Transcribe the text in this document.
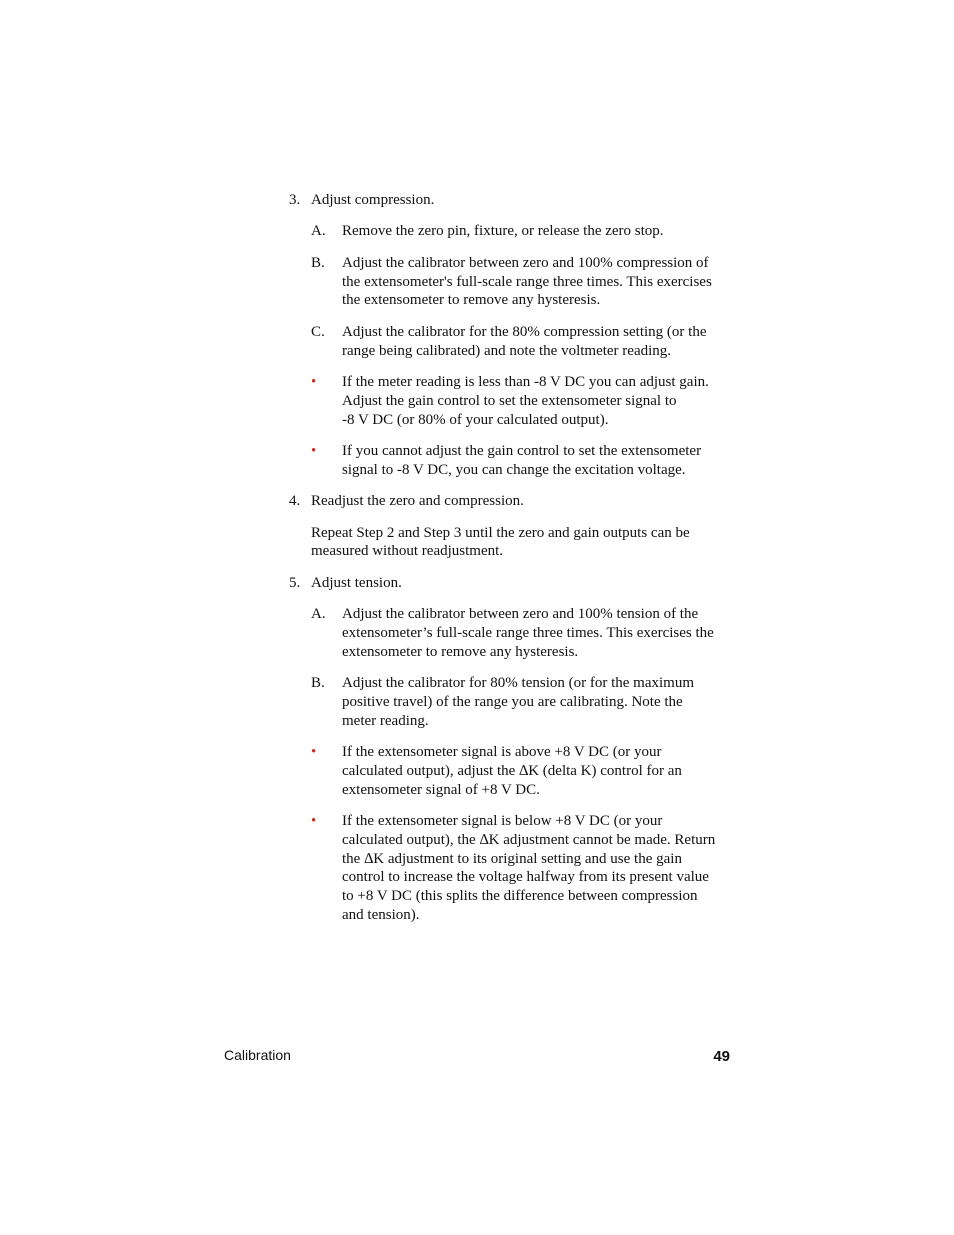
3. Adjust compression.
A.	Remove the zero pin, fixture, or release the zero stop.
B.	Adjust the calibrator between zero and 100% compression of
the extensometer's full-scale range three times. This exercises
the extensometer to remove any hysteresis.
C.	Adjust the calibrator for the 80% compression setting (or the
range being calibrated) and note the voltmeter reading.
•	If the meter reading is less than -8 V DC you can adjust gain.
Adjust the gain control to set the extensometer signal to
-8 V DC (or 80% of your calculated output).
•	If you cannot adjust the gain control to set the extensometer
signal to -8 V DC, you can change the excitation voltage.
4. Readjust the zero and compression.
Repeat Step 2 and Step 3 until the zero and gain outputs can be
measured without readjustment.
5. Adjust tension.
A.	Adjust the calibrator between zero and 100% tension of the
extensometer’s full-scale range three times. This exercises the
extensometer to remove any hysteresis.
B.	Adjust the calibrator for 80% tension (or for the maximum
positive travel) of the range you are calibrating. Note the
meter reading.
•	If the extensometer signal is above +8 V DC (or your
calculated output), adjust the ∆K (delta K) control for an
extensometer signal of +8 V DC.
•	If the extensometer signal is below +8 V DC (or your
calculated output), the ∆K adjustment cannot be made. Return
the ∆K adjustment to its original setting and use the gain
control to increase the voltage halfway from its present value
to +8 V DC (this splits the difference between compression
and tension).
Calibration	49
